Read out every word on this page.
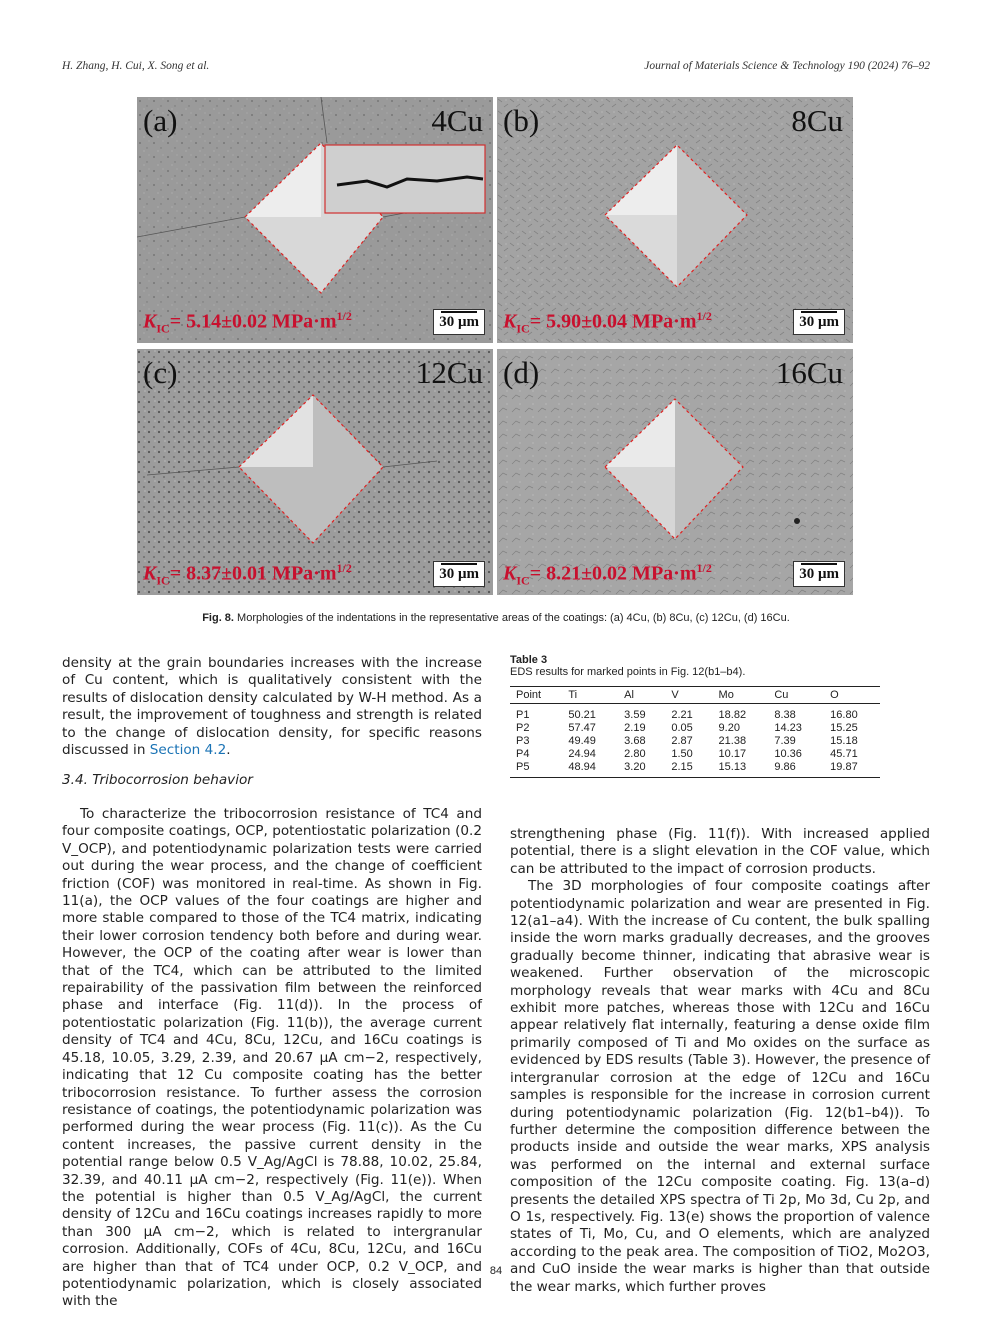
H. Zhang, H. Cui, X. Song et al.	Journal of Materials Science & Technology 190 (2024) 76–92
(a)	4Cu
$K_{IC}= 5.14\pm 0.02$ $MPa\cdot m^{1/2}$	30 μm
(b)	8Cu
$K_{IC}= 5.90\pm 0.04$ $MPa\cdot m^{1/2}$	30 μm
(c)	12Cu
$K_{IC}= 8.37\pm 0.01$ $MPa\cdot m^{1/2}$	30 μm
(d)	16Cu
$K_{IC}= 8.21\pm 0.02$ $MPa\cdot m^{1/2}$	30 μm
Fig. 8. Morphologies of the indentations in the representative areas of the coatings: (a) 4Cu, (b) 8Cu, (c) 12Cu, (d) 16Cu.

density at the grain boundaries increases with the increase of Cu content, which is qualitatively consistent with the results of dislocation density calculated by W-H method. As a result, the improvement of toughness and strength is related to the change of dislocation density, for specific reasons discussed in Section 4.2.

3.4. Tribocorrosion behavior

To characterize the tribocorrosion resistance of TC4 and four composite coatings, OCP, potentiostatic polarization (0.2 V_OCP), and potentiodynamic polarization tests were carried out during the wear process, and the change of coefficient friction (COF) was monitored in real-time. As shown in Fig. 11(a), the OCP values of the four coatings are higher and more stable compared to those of the TC4 matrix, indicating their lower corrosion tendency both before and during wear. However, the OCP of the coating after wear is lower than that of the TC4, which can be attributed to the limited repairability of the passivation film between the reinforced phase and interface (Fig. 11(d)). In the process of potentiostatic polarization (Fig. 11(b)), the average current density of TC4 and 4Cu, 8Cu, 12Cu, and 16Cu coatings is 45.18, 10.05, 3.29, 2.39, and 20.67 μA cm−2, respectively, indicating that 12 Cu composite coating has the better tribocorrosion resistance. To further assess the corrosion resistance of coatings, the potentiodynamic polarization was performed during the wear process (Fig. 11(c)). As the Cu content increases, the passive current density in the potential range below 0.5 V_Ag/AgCl is 78.88, 10.02, 25.84, 32.39, and 40.11 μA cm−2, respectively (Fig. 11(e)). When the potential is higher than 0.5 V_Ag/AgCl, the current density of 12Cu and 16Cu coatings increases rapidly to more than 300 μA cm−2, which is related to intergranular corrosion. Additionally, COFs of 4Cu, 8Cu, 12Cu, and 16Cu are higher than that of TC4 under OCP, 0.2 V_OCP, and potentiodynamic polarization, which is closely associated with the

Table 3
EDS results for marked points in Fig. 12(b1–b4).
Point	Ti	Al	V	Mo	Cu	O
P1	50.21	3.59	2.21	18.82	8.38	16.80
P2	57.47	2.19	0.05	9.20	14.23	15.25
P3	49.49	3.68	2.87	21.38	7.39	15.18
P4	24.94	2.80	1.50	10.17	10.36	45.71
P5	48.94	3.20	2.15	15.13	9.86	19.87

strengthening phase (Fig. 11(f)). With increased applied potential, there is a slight elevation in the COF value, which can be attributed to the impact of corrosion products.

The 3D morphologies of four composite coatings after potentiodynamic polarization and wear are presented in Fig. 12(a1–a4). With the increase of Cu content, the bulk spalling inside the worn marks gradually decreases, and the grooves gradually become thinner, indicating that abrasive wear is weakened. Further observation of the microscopic morphology reveals that wear marks with 4Cu and 8Cu exhibit more patches, whereas those with 12Cu and 16Cu appear relatively flat internally, featuring a dense oxide film primarily composed of Ti and Mo oxides on the surface as evidenced by EDS results (Table 3). However, the presence of intergranular corrosion at the edge of 12Cu and 16Cu samples is responsible for the increase in corrosion current during potentiodynamic polarization (Fig. 12(b1–b4)). To further determine the composition difference between the products inside and outside the wear marks, XPS analysis was performed on the internal and external surface composition of the 12Cu composite coating. Fig. 13(a–d) presents the detailed XPS spectra of Ti 2p, Mo 3d, Cu 2p, and O 1s, respectively. Fig. 13(e) shows the proportion of valence states of Ti, Mo, Cu, and O elements, which are analyzed according to the peak area. The composition of TiO2, Mo2O3, and CuO inside the wear marks is higher than that outside the wear marks, which further proves

84
